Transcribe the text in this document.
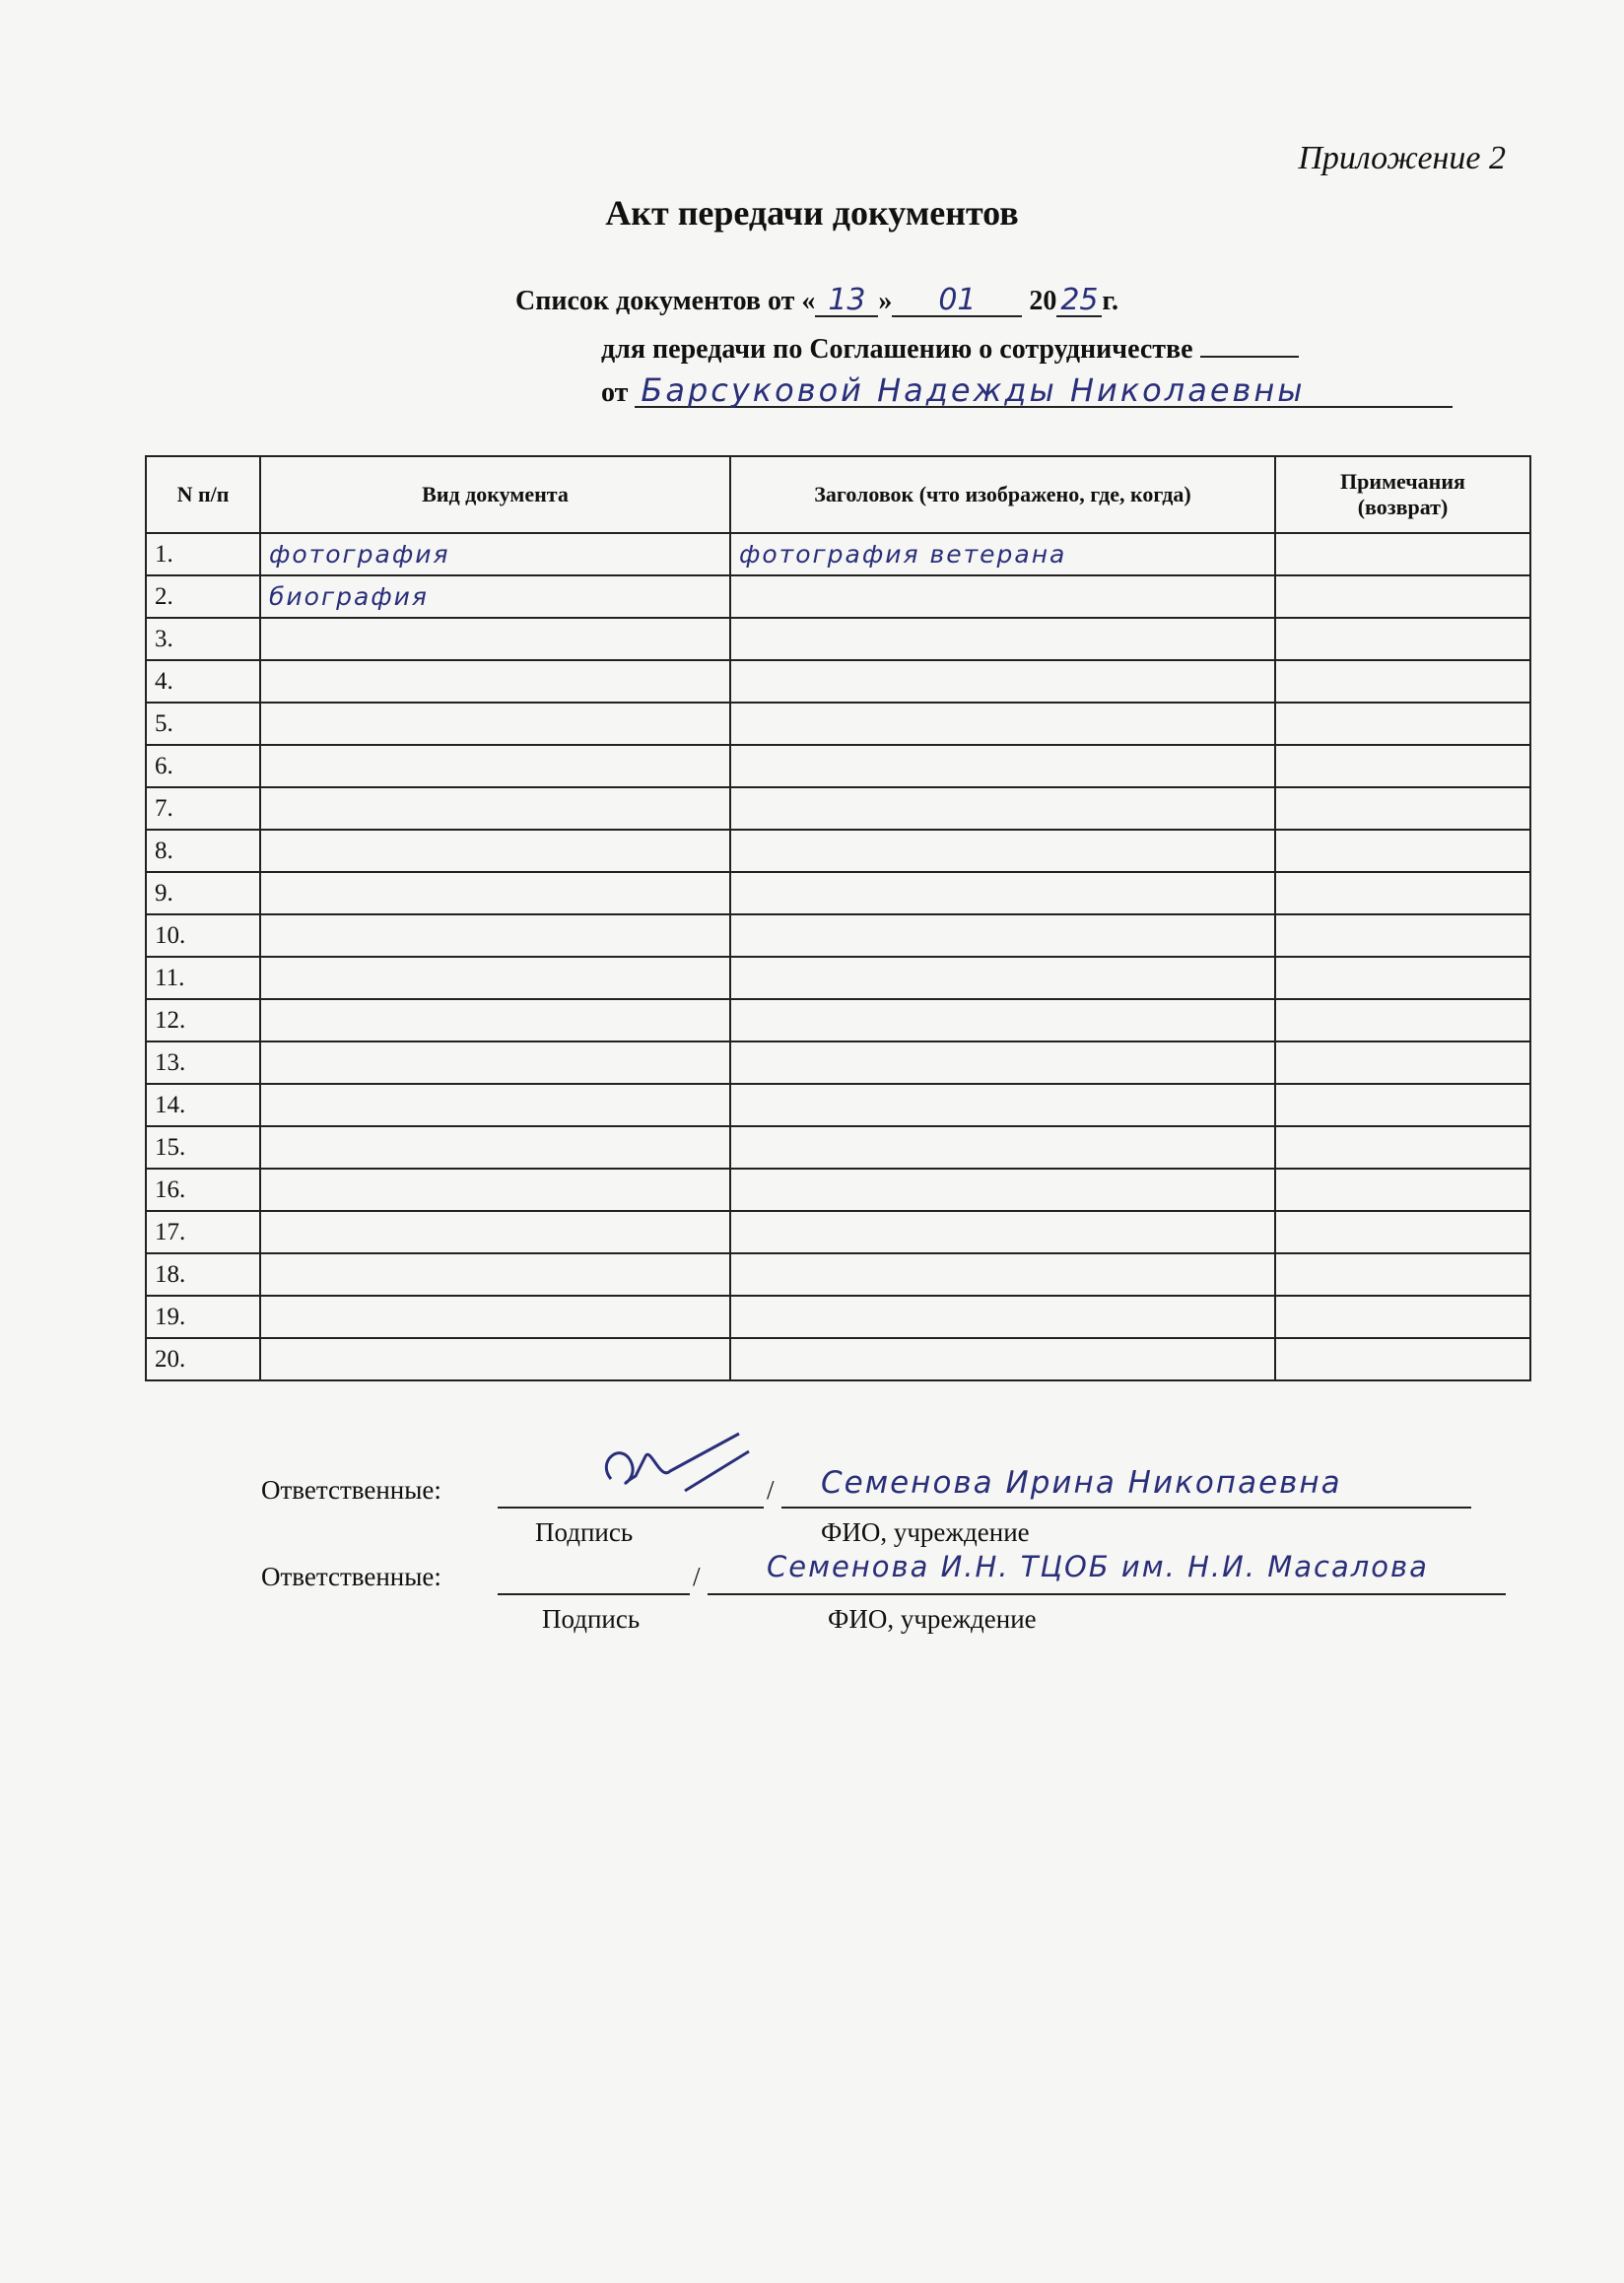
Приложение 2
Акт передачи документов
Список документов от « 13 » 01 20 25 г.
для передачи по Соглашению о сотрудничестве
от Барсуковой Надежды Николаевны
N п/п	Вид документа	Заголовок (что изображено, где, когда)	Примечания
(возврат)
1.	фотография	фотография ветерана	
2.	биография		
3.			
4.			
5.			
6.			
7.			
8.			
9.			
10.			
11.			
12.			
13.			
14.			
15.			
16.			
17.			
18.			
19.			
20.			
Ответственные:	/ Семенова Ирина Никопаевна
Подпись	ФИО, учреждение
Ответственные:	/ Семенова И.Н. ТЦОБ им. Н.И. Масалова
Подпись	ФИО, учреждение
